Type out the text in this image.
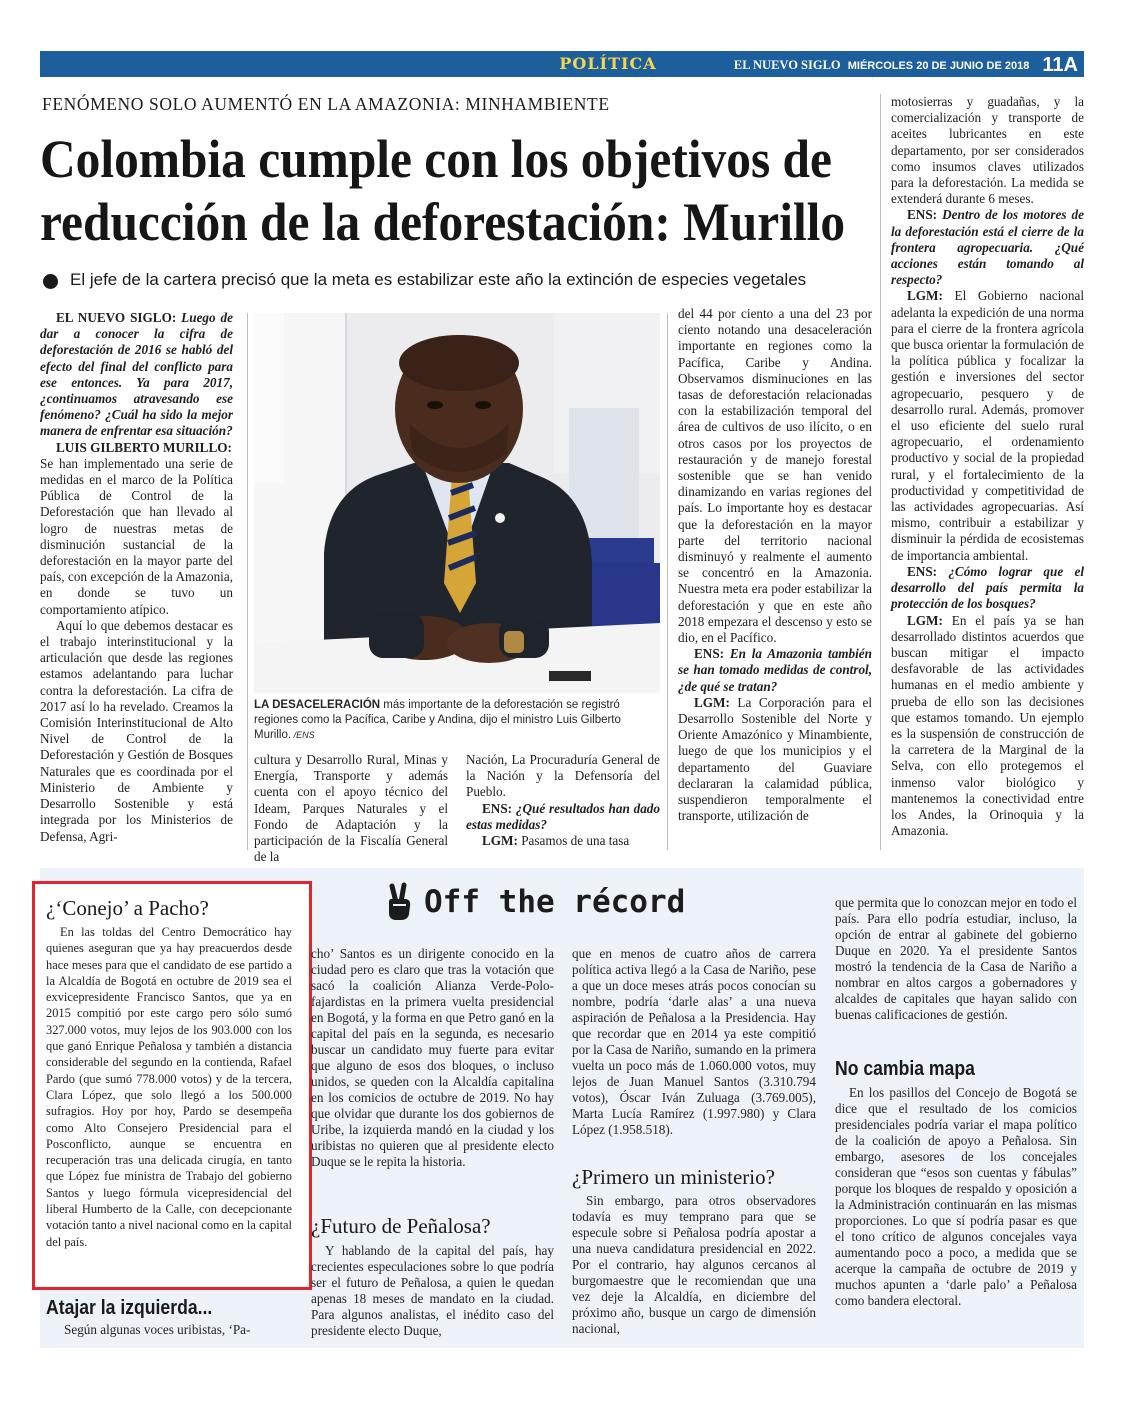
POLÍTICA	EL NUEVO SIGLO MIÉRCOLES 20 DE JUNIO DE 2018 11A
FENÓMENO SOLO AUMENTÓ EN LA AMAZONIA: MINHAMBIENTE
Colombia cumple con los objetivos de
reducción de la deforestación: Murillo
El jefe de la cartera precisó que la meta es estabilizar este año la extinción de especies vegetales

EL NUEVO SIGLO: Luego de dar a conocer la cifra de deforestación de 2016 se habló del efecto del final del conflicto para ese entonces. Ya para 2017, ¿continuamos atravesando ese fenómeno? ¿Cuál ha sido la mejor manera de enfrentar esa situación?

LUIS GILBERTO MURILLO:

Se han implementado una serie de medidas en el marco de la Política Pública de Control de la Deforestación que han llevado al logro de nuestras metas de disminución sustancial de la deforestación en la mayor parte del país, con excepción de la Amazonia, en donde se tuvo un comportamiento atípico.

Aquí lo que debemos destacar es el trabajo interinstitucional y la articulación que desde las regiones estamos adelantando para luchar contra la deforestación. La cifra de 2017 así lo ha revelado. Creamos la Comisión Interinstitucional de Alto Nivel de Control de la Deforestación y Gestión de Bosques Naturales que es coordinada por el Ministerio de Ambiente y Desarrollo Sostenible y está integrada por los Ministerios de Defensa, Agri-

LA DESACELERACIÓN más importante de la deforestación se registró regiones como la Pacífica, Caribe y Andina, dijo el ministro Luis Gilberto Murillo. /ENS

cultura y Desarrollo Rural, Minas y Energía, Transporte y además cuenta con el apoyo técnico del Ideam, Parques Naturales y el Fondo de Adaptación y la participación de la Fiscalía General de la

Nación, La Procuraduría General de la Nación y la Defensoría del Pueblo.

ENS: ¿Qué resultados han dado estas medidas?

LGM: Pasamos de una tasa

del 44 por ciento a una del 23 por ciento notando una desaceleración importante en regiones como la Pacífica, Caribe y Andina. Observamos disminuciones en las tasas de deforestación relacionadas con la estabilización temporal del área de cultivos de uso ilícito, o en otros casos por los proyectos de restauración y de manejo forestal sostenible que se han venido dinamizando en varias regiones del país. Lo importante hoy es destacar que la deforestación en la mayor parte del territorio nacional disminuyó y realmente el aumento se concentró en la Amazonia. Nuestra meta era poder estabilizar la deforestación y que en este año 2018 empezara el descenso y esto se dio, en el Pacífico.

ENS: En la Amazonia también se han tomado medidas de control, ¿de qué se tratan?

LGM: La Corporación para el Desarrollo Sostenible del Norte y Oriente Amazónico y Minambiente, luego de que los municipios y el departamento del Guaviare declararan la calamidad pública, suspendieron temporalmente el transporte, utilización de

motosierras y guadañas, y la comercialización y transporte de aceites lubricantes en este departamento, por ser considerados como insumos claves utilizados para la deforestación. La medida se extenderá durante 6 meses.

ENS: Dentro de los motores de la deforestación está el cierre de la frontera agropecuaria. ¿Qué acciones están tomando al respecto?

LGM: El Gobierno nacional adelanta la expedición de una norma para el cierre de la frontera agrícola que busca orientar la formulación de la política pública y focalizar la gestión e inversiones del sector agropecuario, pesquero y de desarrollo rural. Además, promover el uso eficiente del suelo rural agropecuario, el ordenamiento productivo y social de la propiedad rural, y el fortalecimiento de la productividad y competitividad de las actividades agropecuarias. Así mismo, contribuir a estabilizar y disminuir la pérdida de ecosistemas de importancia ambiental.

ENS: ¿Cómo lograr que el desarrollo del país permita la protección de los bosques?

LGM: En el país ya se han desarrollado distintos acuerdos que buscan mitigar el impacto desfavorable de las actividades humanas en el medio ambiente y prueba de ello son las decisiones que estamos tomando. Un ejemplo es la suspensión de construcción de la carretera de la Marginal de la Selva, con ello protegemos el inmenso valor biológico y mantenemos la conectividad entre los Andes, la Orinoquia y la Amazonia.

Off the récord
¿‘Conejo’ a Pacho?

En las toldas del Centro Democrático hay quienes aseguran que ya hay preacuerdos desde hace meses para que el candidato de ese partido a la Alcaldía de Bogotá en octubre de 2019 sea el exvicepresidente Francisco Santos, que ya en 2015 compitió por este cargo pero sólo sumó 327.000 votos, muy lejos de los 903.000 con los que ganó Enrique Peñalosa y también a distancia considerable del segundo en la contienda, Rafael Pardo (que sumó 778.000 votos) y de la tercera, Clara López, que solo llegó a los 500.000 sufragios. Hoy por hoy, Pardo se desempeña como Alto Consejero Presidencial para el Posconflicto, aunque se encuentra en recuperación tras una delicada cirugía, en tanto que López fue ministra de Trabajo del gobierno Santos y luego fórmula vicepresidencial del liberal Humberto de la Calle, con decepcionante votación tanto a nivel nacional como en la capital del país.

Atajar la izquierda...

Según algunas voces uribistas, ‘Pa-

cho’ Santos es un dirigente conocido en la ciudad pero es claro que tras la votación que sacó la coalición Alianza Verde-Polo-fajardistas en la primera vuelta presidencial en Bogotá, y la forma en que Petro ganó en la capital del país en la segunda, es necesario buscar un candidato muy fuerte para evitar que alguno de esos dos bloques, o incluso unidos, se queden con la Alcaldía capitalina en los comicios de octubre de 2019. No hay que olvidar que durante los dos gobiernos de Uribe, la izquierda mandó en la ciudad y los uribistas no quieren que al presidente electo Duque se le repita la historia.

¿Futuro de Peñalosa?

Y hablando de la capital del país, hay crecientes especulaciones sobre lo que podría ser el futuro de Peñalosa, a quien le quedan apenas 18 meses de mandato en la ciudad. Para algunos analistas, el inédito caso del presidente electo Duque,

que en menos de cuatro años de carrera política activa llegó a la Casa de Nariño, pese a que un doce meses atrás pocos conocían su nombre, podría ‘darle alas’ a una nueva aspiración de Peñalosa a la Presidencia. Hay que recordar que en 2014 ya este compitió por la Casa de Nariño, sumando en la primera vuelta un poco más de 1.060.000 votos, muy lejos de Juan Manuel Santos (3.310.794 votos), Óscar Iván Zuluaga (3.769.005), Marta Lucía Ramírez (1.997.980) y Clara López (1.958.518).

¿Primero un ministerio?

Sin embargo, para otros observadores todavía es muy temprano para que se especule sobre si Peñalosa podría apostar a una nueva candidatura presidencial en 2022. Por el contrario, hay algunos cercanos al burgomaestre que le recomiendan que una vez deje la Alcaldía, en diciembre del próximo año, busque un cargo de dimensión nacional,

que permita que lo conozcan mejor en todo el país. Para ello podría estudiar, incluso, la opción de entrar al gabinete del gobierno Duque en 2020. Ya el presidente Santos mostró la tendencia de la Casa de Nariño a nombrar en altos cargos a gobernadores y alcaldes de capitales que hayan salido con buenas calificaciones de gestión.

No cambia mapa

En los pasillos del Concejo de Bogotá se dice que el resultado de los comicios presidenciales podría variar el mapa político de la coalición de apoyo a Peñalosa. Sin embargo, asesores de los concejales consideran que “esos son cuentas y fábulas” porque los bloques de respaldo y oposición a la Administración continuarán en las mismas proporciones. Lo que sí podría pasar es que el tono crítico de algunos concejales vaya aumentando poco a poco, a medida que se acerque la campaña de octubre de 2019 y muchos apunten a ‘darle palo’ a Peñalosa como bandera electoral.
